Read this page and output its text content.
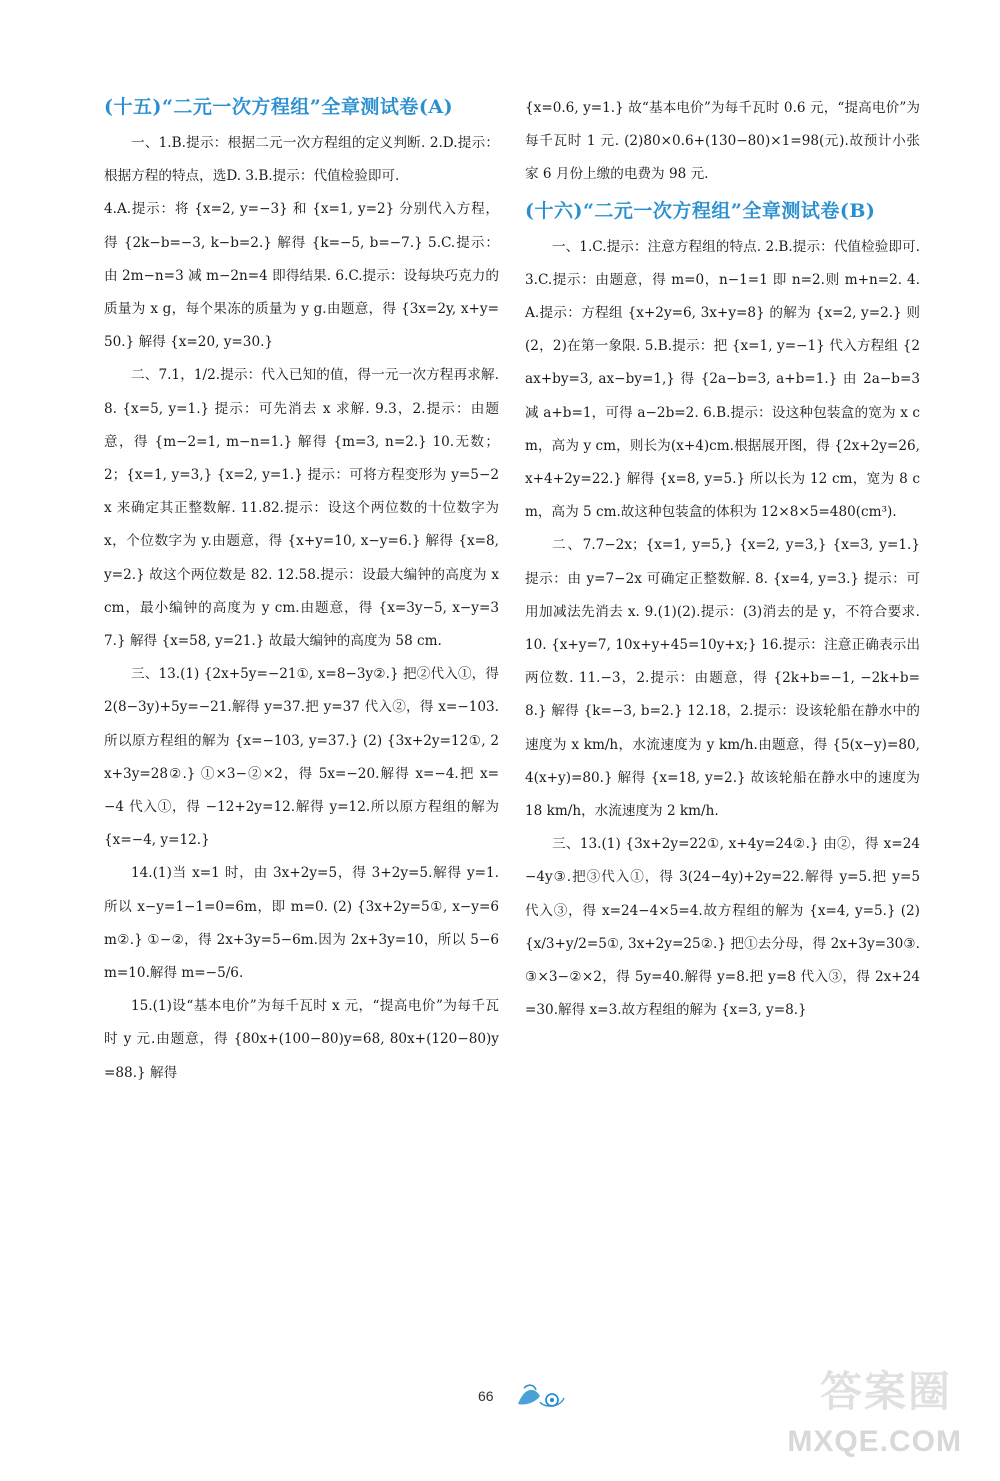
(十五)“二元一次方程组”全章测试卷(A)

一、1.B.提示：根据二元一次方程组的定义判断. 2.D.提示：根据方程的特点，选D. 3.B.提示：代值检验即可.

4.A.提示：将 {x=2, y=−3} 和 {x=1, y=2} 分别代入方程，得 {2k−b=−3, k−b=2.} 解得 {k=−5, b=−7.} 5.C.提示：由 2m−n=3 减 m−2n=4 即得结果. 6.C.提示：设每块巧克力的质量为 x g，每个果冻的质量为 y g.由题意，得 {3x=2y, x+y=50.} 解得 {x=20, y=30.}

二、7.1，1/2.提示：代入已知的值，得一元一次方程再求解. 8. {x=5, y=1.} 提示：可先消去 x 求解. 9.3，2.提示：由题意，得 {m−2=1, m−n=1.} 解得 {m=3, n=2.} 10.无数；2；{x=1, y=3,} {x=2, y=1.} 提示：可将方程变形为 y=5−2x 来确定其正整数解. 11.82.提示：设这个两位数的十位数字为 x，个位数字为 y.由题意，得 {x+y=10, x−y=6.} 解得 {x=8, y=2.} 故这个两位数是 82. 12.58.提示：设最大编钟的高度为 x cm，最小编钟的高度为 y cm.由题意，得 {x=3y−5, x−y=37.} 解得 {x=58, y=21.} 故最大编钟的高度为 58 cm.

三、13.(1) {2x+5y=−21①, x=8−3y②.} 把②代入①，得 2(8−3y)+5y=−21.解得 y=37.把 y=37 代入②，得 x=−103.所以原方程组的解为 {x=−103, y=37.} (2) {3x+2y=12①, 2x+3y=28②.} ①×3−②×2，得 5x=−20.解得 x=−4.把 x=−4 代入①，得 −12+2y=12.解得 y=12.所以原方程组的解为 {x=−4, y=12.}

14.(1)当 x=1 时，由 3x+2y=5，得 3+2y=5.解得 y=1.所以 x−y=1−1=0=6m，即 m=0. (2) {3x+2y=5①, x−y=6m②.} ①−②，得 2x+3y=5−6m.因为 2x+3y=10，所以 5−6m=10.解得 m=−5/6.

15.(1)设“基本电价”为每千瓦时 x 元，“提高电价”为每千瓦时 y 元.由题意，得 {80x+(100−80)y=68, 80x+(120−80)y=88.} 解得

{x=0.6, y=1.} 故“基本电价”为每千瓦时 0.6 元，“提高电价”为每千瓦时 1 元. (2)80×0.6+(130−80)×1=98(元).故预计小张家 6 月份上缴的电费为 98 元.

(十六)“二元一次方程组”全章测试卷(B)

一、1.C.提示：注意方程组的特点. 2.B.提示：代值检验即可. 3.C.提示：由题意，得 m=0，n−1=1 即 n=2.则 m+n=2. 4.A.提示：方程组 {x+2y=6, 3x+y=8} 的解为 {x=2, y=2.} 则(2，2)在第一象限. 5.B.提示：把 {x=1, y=−1} 代入方程组 {2ax+by=3, ax−by=1,} 得 {2a−b=3, a+b=1.} 由 2a−b=3 减 a+b=1，可得 a−2b=2. 6.B.提示：设这种包装盒的宽为 x cm，高为 y cm，则长为(x+4)cm.根据展开图，得 {2x+2y=26, x+4+2y=22.} 解得 {x=8, y=5.} 所以长为 12 cm，宽为 8 cm，高为 5 cm.故这种包装盒的体积为 12×8×5=480(cm³).

二、7.7−2x；{x=1, y=5,} {x=2, y=3,} {x=3, y=1.} 提示：由 y=7−2x 可确定正整数解. 8. {x=4, y=3.} 提示：可用加减法先消去 x. 9.(1)(2).提示：(3)消去的是 y，不符合要求. 10. {x+y=7, 10x+y+45=10y+x;} 16.提示：注意正确表示出两位数. 11.−3，2.提示：由题意，得 {2k+b=−1, −2k+b=8.} 解得 {k=−3, b=2.} 12.18，2.提示：设该轮船在静水中的速度为 x km/h，水流速度为 y km/h.由题意，得 {5(x−y)=80, 4(x+y)=80.} 解得 {x=18, y=2.} 故该轮船在静水中的速度为 18 km/h，水流速度为 2 km/h.

三、13.(1) {3x+2y=22①, x+4y=24②.} 由②，得 x=24−4y③.把③代入①，得 3(24−4y)+2y=22.解得 y=5.把 y=5 代入③，得 x=24−4×5=4.故方程组的解为 {x=4, y=5.} (2) {x/3+y/2=5①, 3x+2y=25②.} 把①去分母，得 2x+3y=30③.③×3−②×2，得 5y=40.解得 y=8.把 y=8 代入③，得 2x+24=30.解得 x=3.故方程组的解为 {x=3, y=8.}

66	答案圈
MXQE.COM
